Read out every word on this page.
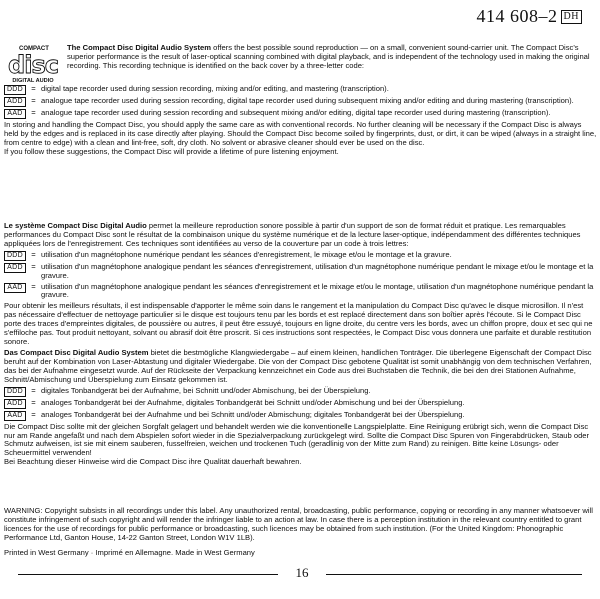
414 608–2 DH
COMPACT
disc
DIGITAL AUDIO
The Compact Disc Digital Audio System offers the best possible sound reproduction — on a small, convenient sound-carrier unit. The Compact Disc's superior performance is the result of laser-optical scanning combined with digital playback, and is independent of the technology used in making the original recording. This recording technique is identified on the back cover by a three-letter code:
DDD	= digital tape recorder used during session recording, mixing and/or editing, and mastering (transcription).
ADD	= analogue tape recorder used during session recording, digital tape recorder used during subsequent mixing and/or editing and during mastering (transcription).
AAD	= analogue tape recorder used during session recording and subsequent mixing and/or editing, digital tape recorder used during mastering (transcription).
In storing and handling the Compact Disc, you should apply the same care as with conventional records. No further cleaning will be necessary if the Compact Disc is always held by the edges and is replaced in its case directly after playing. Should the Compact Disc become soiled by fingerprints, dust, or dirt, it can be wiped (always in a straight line, from centre to edge) with a clean and lint-free, soft, dry cloth. No solvent or abrasive cleaner should ever be used on the disc.
If you follow these suggestions, the Compact Disc will provide a lifetime of pure listening enjoyment.
Le système Compact Disc Digital Audio permet la meilleure reproduction sonore possible à partir d'un support de son de format réduit et pratique. Les remarquables performances du Compact Disc sont le résultat de la combinaison unique du système numérique et de la lecture laser-optique, indépendamment des différentes techniques appliquées lors de l'enregistrement. Ces techniques sont identifiées au verso de la couverture par un code à trois lettres:
DDD	= utilisation d'un magnétophone numérique pendant les séances d'enregistrement, le mixage et/ou le montage et la gravure.
ADD	= utilisation d'un magnétophone analogique pendant les séances d'enregistrement, utilisation d'un magnétophone numérique pendant le mixage et/ou le montage et la gravure.
AAD	= utilisation d'un magnétophone analogique pendant les séances d'enregistrement et le mixage et/ou le montage, utilisation d'un magnétophone numérique pendant la gravure.
Pour obtenir les meilleurs résultats, il est indispensable d'apporter le même soin dans le rangement et la manipulation du Compact Disc qu'avec le disque microsillon. Il n'est pas nécessaire d'effectuer de nettoyage particulier si le disque est toujours tenu par les bords et est replacé directement dans son boîtier après l'écoute. Si le Compact Disc porte des traces d'empreintes digitales, de poussière ou autres, il peut être essuyé, toujours en ligne droite, du centre vers les bords, avec un chiffon propre, doux et sec qui ne s'effiloche pas. Tout produit nettoyant, solvant ou abrasif doit être proscrit. Si ces instructions sont respectées, le Compact Disc vous donnera une parfaite et durable restitution sonore.
Das Compact Disc Digital Audio System bietet die bestmögliche Klangwiedergabe – auf einem kleinen, handlichen Tonträger. Die überlegene Eigenschaft der Compact Disc beruht auf der Kombination von Laser-Abtastung und digitaler Wiedergabe. Die von der Compact Disc gebotene Qualität ist somit unabhängig von dem technischen Verfahren, das bei der Aufnahme eingesetzt wurde. Auf der Rückseite der Verpackung kennzeichnet ein Code aus drei Buchstaben die Technik, die bei den drei Stationen Aufnahme, Schnitt/Abmischung und Überspielung zum Einsatz gekommen ist.
DDD	= digitales Tonbandgerät bei der Aufnahme, bei Schnitt und/oder Abmischung, bei der Überspielung.
ADD	= analoges Tonbandgerät bei der Aufnahme, digitales Tonbandgerät bei Schnitt und/oder Abmischung und bei der Überspielung.
AAD	= analoges Tonbandgerät bei der Aufnahme und bei Schnitt und/oder Abmischung; digitales Tonbandgerät bei der Überspielung.
Die Compact Disc sollte mit der gleichen Sorgfalt gelagert und behandelt werden wie die konventionelle Langspielplatte. Eine Reinigung erübrigt sich, wenn die Compact Disc nur am Rande angefaßt und nach dem Abspielen sofort wieder in die Spezialverpackung zurückgelegt wird. Sollte die Compact Disc Spuren von Fingerabdrücken, Staub oder Schmutz aufweisen, ist sie mit einem sauberen, fusselfreien, weichen und trockenen Tuch (geradlinig von der Mitte zum Rand) zu reinigen. Bitte keine Lösungs- oder Scheuermittel verwenden!
Bei Beachtung dieser Hinweise wird die Compact Disc ihre Qualität dauerhaft bewahren.
WARNING: Copyright subsists in all recordings under this label. Any unauthorized rental, broadcasting, public performance, copying or recording in any manner whatsoever will constitute infringement of such copyright and will render the infringer liable to an action at law. In case there is a perception institution in the relevant country entitled to grant licences for the use of recordings for public performance or broadcasting, such licences may be obtained from such institution. (For the United Kingdom: Phonographic Performance Ltd, Ganton House, 14-22 Ganton Street, London W1V 1LB).
Printed in West Germany · Imprimé en Allemagne. Made in West Germany
16
